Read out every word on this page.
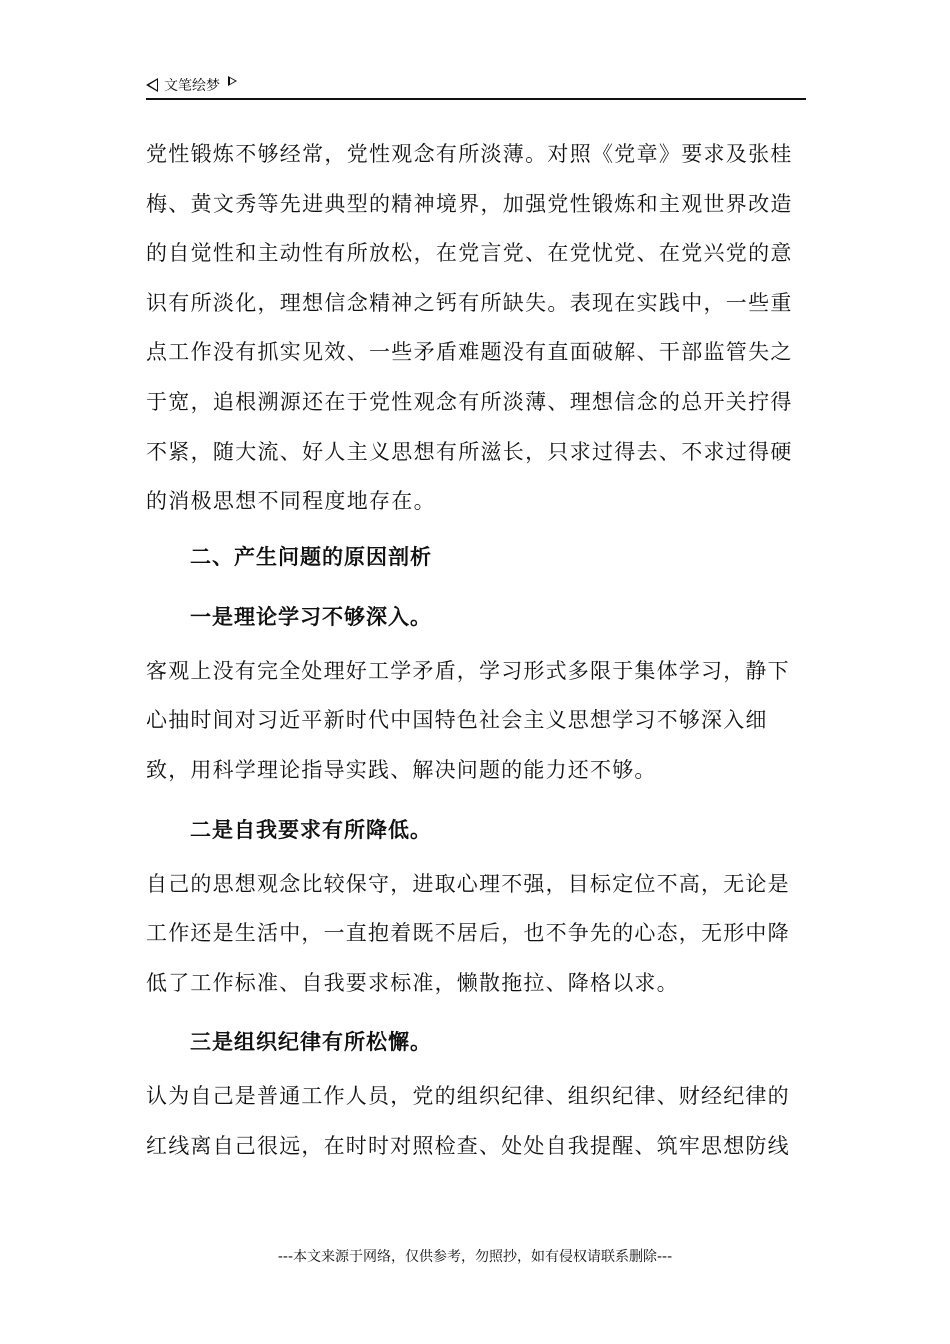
文笔绘梦

党性锻炼不够经常，党性观念有所淡薄。对照《党章》要求及张桂梅、黄文秀等先进典型的精神境界，加强党性锻炼和主观世界改造的自觉性和主动性有所放松，在党言党、在党忧党、在党兴党的意识有所淡化，理想信念精神之钙有所缺失。表现在实践中，一些重点工作没有抓实见效、一些矛盾难题没有直面破解、干部监管失之于宽，追根溯源还在于党性观念有所淡薄、理想信念的总开关拧得不紧，随大流、好人主义思想有所滋长，只求过得去、不求过得硬的消极思想不同程度地存在。

二、产生问题的原因剖析

一是理论学习不够深入。

客观上没有完全处理好工学矛盾，学习形式多限于集体学习，静下心抽时间对习近平新时代中国特色社会主义思想学习不够深入细致，用科学理论指导实践、解决问题的能力还不够。

二是自我要求有所降低。

自己的思想观念比较保守，进取心理不强，目标定位不高，无论是工作还是生活中，一直抱着既不居后，也不争先的心态，无形中降低了工作标准、自我要求标准，懒散拖拉、降格以求。

三是组织纪律有所松懈。

认为自己是普通工作人员，党的组织纪律、组织纪律、财经纪律的红线离自己很远，在时时对照检查、处处自我提醒、筑牢思想防线

---本文来源于网络，仅供参考，勿照抄，如有侵权请联系删除---
